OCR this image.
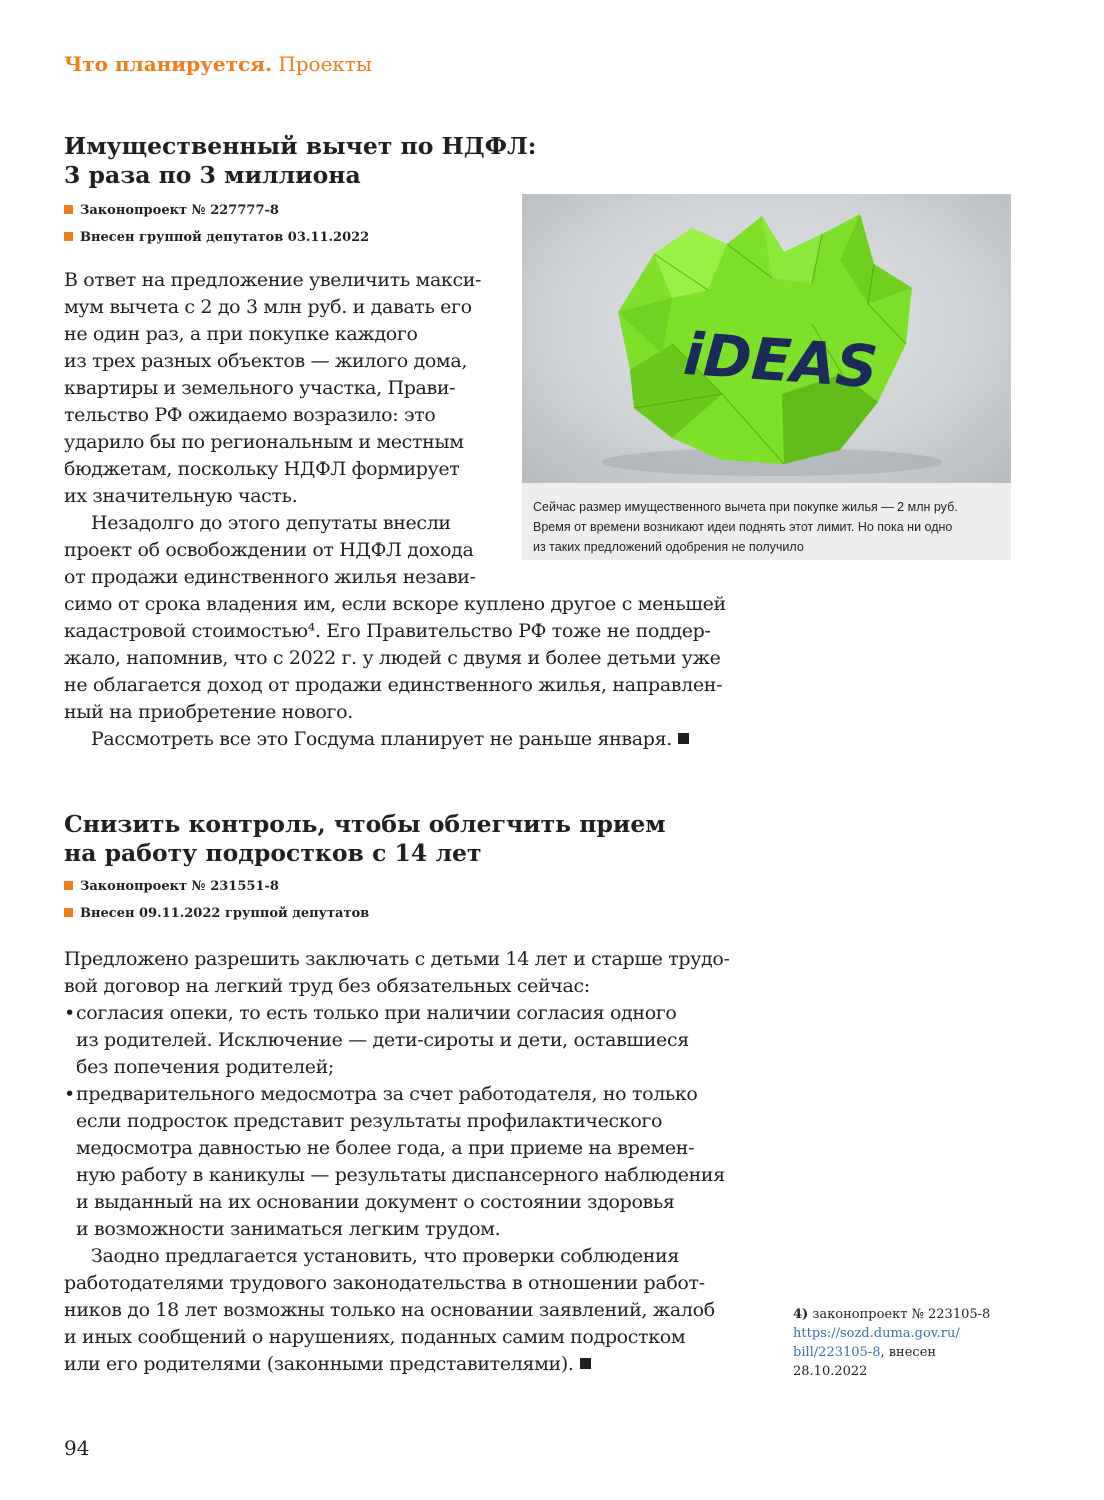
Что планируется. Проекты
Имущественный вычет по НДФЛ:
3 раза по 3 миллиона
Законопроект № 227777-8
Внесен группой депутатов 03.11.2022
В ответ на предложение увеличить макси-
мум вычета с 2 до 3 млн руб. и давать его
не один раз, а при покупке каждого
из трех разных объектов — жилого дома,
квартиры и земельного участка, Прави-
тельство РФ ожидаемо возразило: это
ударило бы по региональным и местным
бюджетам, поскольку НДФЛ формирует
их значительную часть.
Незадолго до этого депутаты внесли
проект об освобождении от НДФЛ дохода
от продажи единственного жилья незави-
симо от срока владения им, если вскоре куплено другое с меньшей
кадастровой стоимостью⁴. Его Правительство РФ тоже не поддер-
жало, напомнив, что с 2022 г. у людей с двумя и более детьми уже
не облагается доход от продажи единственного жилья, направлен-
ный на приобретение нового.
Рассмотреть все это Госдума планирует не раньше января.
iDEAS
Сейчас размер имущественного вычета при покупке жилья — 2 млн руб.
Время от времени возникают идеи поднять этот лимит. Но пока ни одно
из таких предложений одобрения не получило
Снизить контроль, чтобы облегчить прием
на работу подростков с 14 лет
Законопроект № 231551-8
Внесен 09.11.2022 группой депутатов
Предложено разрешить заключать с детьми 14 лет и старше трудо-
вой договор на легкий труд без обязательных сейчас:
• согласия опеки, то есть только при наличии согласия одного
из родителей. Исключение — дети-сироты и дети, оставшиеся
без попечения родителей;
• предварительного медосмотра за счет работодателя, но только
если подросток представит результаты профилактического
медосмотра давностью не более года, а при приеме на времен-
ную работу в каникулы — результаты диспансерного наблюдения
и выданный на их основании документ о состоянии здоровья
и возможности заниматься легким трудом.
Заодно предлагается установить, что проверки соблюдения
работодателями трудового законодательства в отношении работ-
ников до 18 лет возможны только на основании заявлений, жалоб
и иных сообщений о нарушениях, поданных самим подростком
или его родителями (законными представителями).
4) законопроект № 223105-8
https://sozd.duma.gov.ru/
bill/223105-8, внесен
28.10.2022
94
